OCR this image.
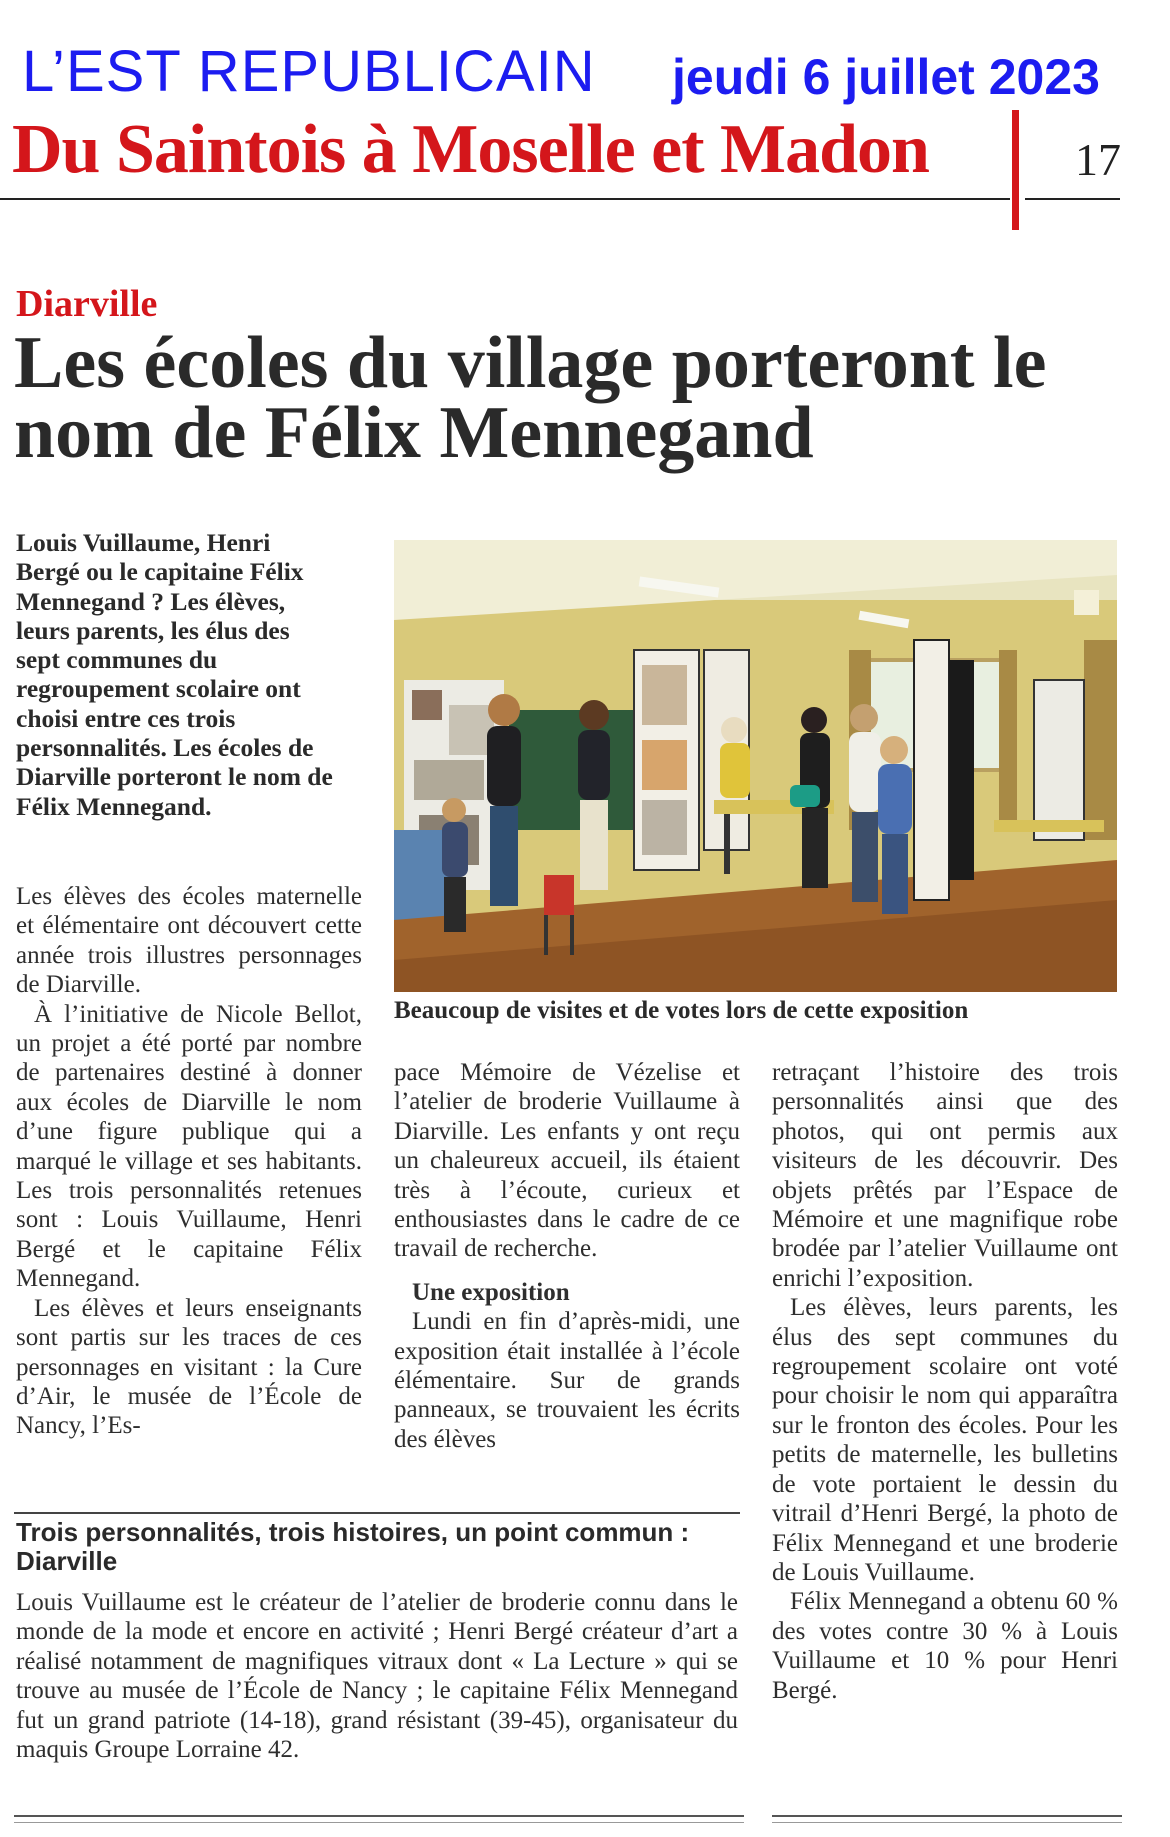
L’EST REPUBLICAIN jeudi 6 juillet 2023
Du Saintois à Moselle et Madon	17
Diarville
Les écoles du village porteront le nom de Félix Mennegand
Louis Vuillaume, Henri Bergé ou le capitaine Félix Mennegand ? Les élèves, leurs parents, les élus des sept communes du regroupement scolaire ont choisi entre ces trois personnalités. Les écoles de Diarville porteront le nom de Félix Mennegand.
Beaucoup de visites et de votes lors de cette exposition

Les élèves des écoles maternelle et élémentaire ont découvert cette année trois illustres personnages de Diarville.

À l’initiative de Nicole Bellot, un projet a été porté par nombre de partenaires destiné à donner aux écoles de Diarville le nom d’une figure publique qui a marqué le village et ses habitants. Les trois personnalités retenues sont : Louis Vuillaume, Henri Bergé et le capitaine Félix Mennegand.

Les élèves et leurs enseignants sont partis sur les traces de ces personnages en visitant : la Cure d’Air, le musée de l’École de Nancy, l’Es-

pace Mémoire de Vézelise et l’atelier de broderie Vuillaume à Diarville. Les enfants y ont reçu un chaleureux accueil, ils étaient très à l’écoute, curieux et enthousiastes dans le cadre de ce travail de recherche.

Une exposition

Lundi en fin d’après-midi, une exposition était installée à l’école élémentaire. Sur de grands panneaux, se trouvaient les écrits des élèves

retraçant l’histoire des trois personnalités ainsi que des photos, qui ont permis aux visiteurs de les découvrir. Des objets prêtés par l’Espace de Mémoire et une magnifique robe brodée par l’atelier Vuillaume ont enrichi l’exposition.

Les élèves, leurs parents, les élus des sept communes du regroupement scolaire ont voté pour choisir le nom qui apparaîtra sur le fronton des écoles. Pour les petits de maternelle, les bulletins de vote portaient le dessin du vitrail d’Henri Bergé, la photo de Félix Mennegand et une broderie de Louis Vuillaume.

Félix Mennegand a obtenu 60 % des votes contre 30 % à Louis Vuillaume et 10 % pour Henri Bergé.

Trois personnalités, trois histoires, un point commun : Diarville

Louis Vuillaume est le créateur de l’atelier de broderie connu dans le monde de la mode et encore en activité ; Henri Bergé créateur d’art a réalisé notamment de magnifiques vitraux dont « La Lecture » qui se trouve au musée de l’École de Nancy ; le capitaine Félix Mennegand fut un grand patriote (14-18), grand résistant (39-45), organisateur du maquis Groupe Lorraine 42.
